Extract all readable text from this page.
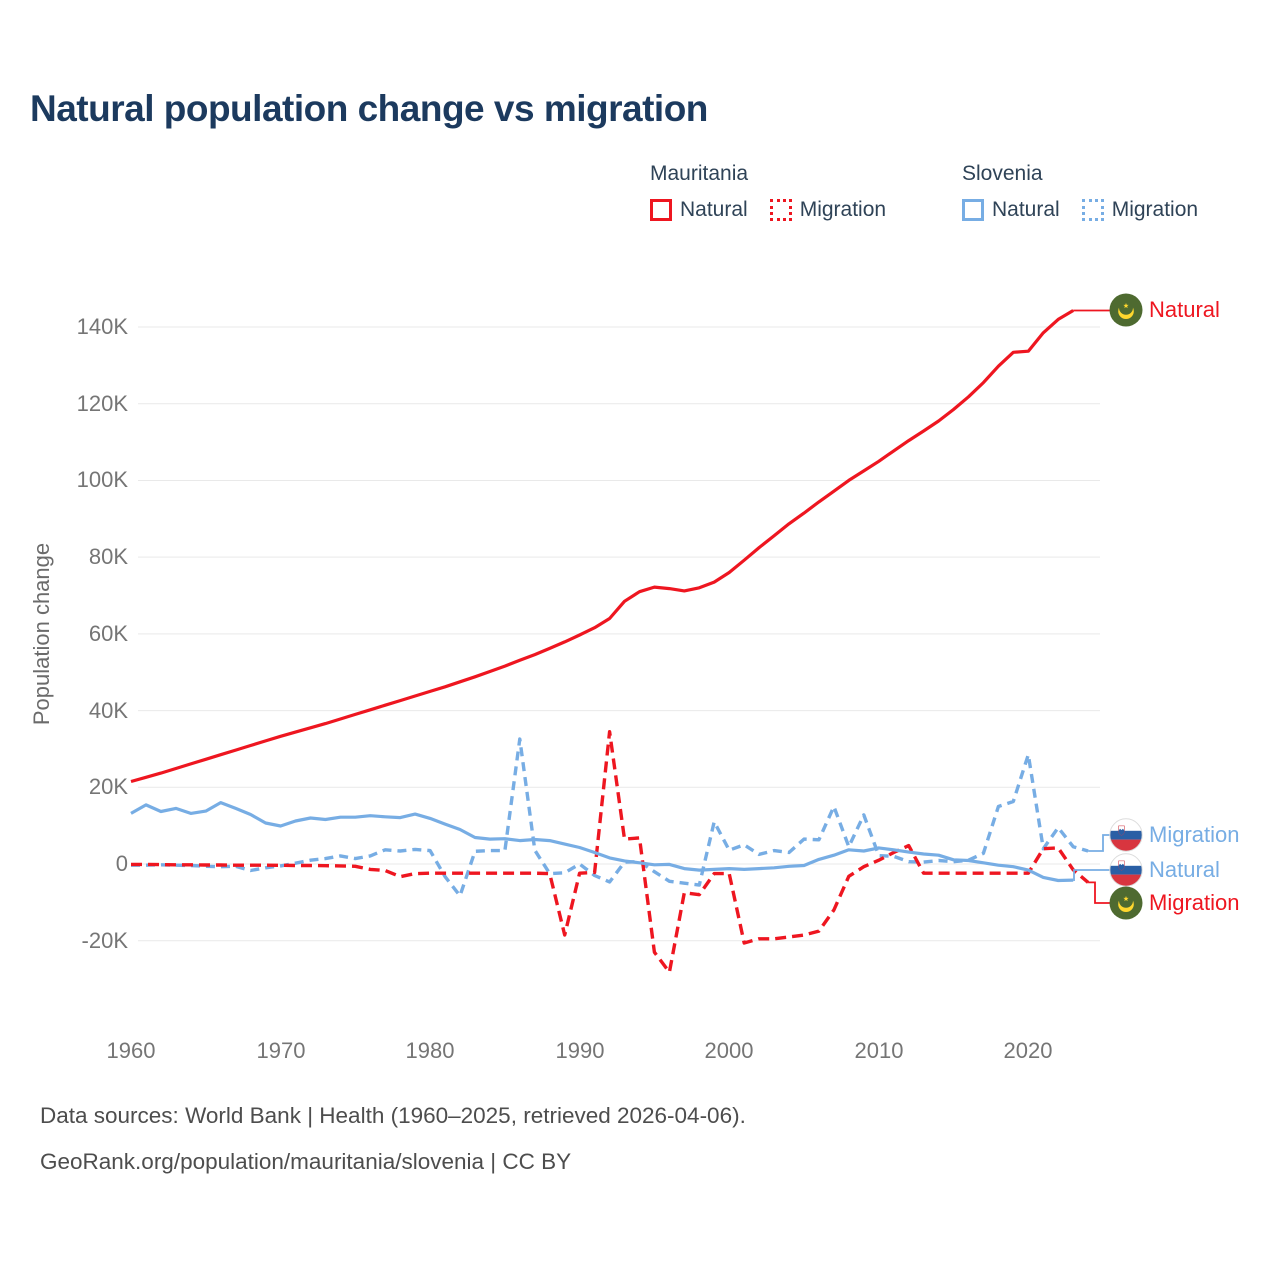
Natural population change vs migration
Mauritania
Natural Migration
Slovenia
Natural Migration
Population change
140K
120K
100K
80K
60K
40K
20K
0
-20K
1960	1970	1980	1990	2000	2010	2020
Natural
Migration
Natural
Migration
Data sources: World Bank | Health (1960–2025, retrieved 2026-04-06).
GeoRank.org/population/mauritania/slovenia | CC BY
